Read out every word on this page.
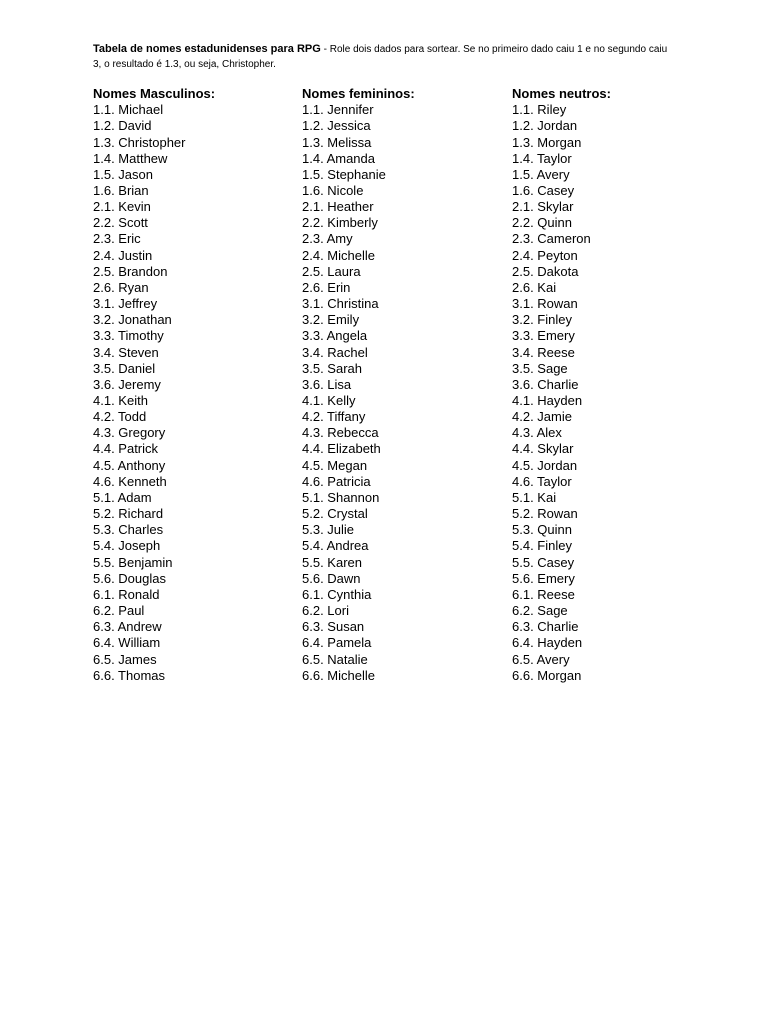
Tabela de nomes estadunidenses para RPG - Role dois dados para sortear. Se no primeiro dado caiu 1 e no segundo caiu 3, o resultado é 1.3, ou seja, Christopher.

Nomes Masculinos:

1.1. Michael
1.2. David
1.3. Christopher
1.4. Matthew
1.5. Jason
1.6. Brian
2.1. Kevin
2.2. Scott
2.3. Eric
2.4. Justin
2.5. Brandon
2.6. Ryan
3.1. Jeffrey
3.2. Jonathan
3.3. Timothy
3.4. Steven
3.5. Daniel
3.6. Jeremy
4.1. Keith
4.2. Todd
4.3. Gregory
4.4. Patrick
4.5. Anthony
4.6. Kenneth
5.1. Adam
5.2. Richard
5.3. Charles
5.4. Joseph
5.5. Benjamin
5.6. Douglas
6.1. Ronald
6.2. Paul
6.3. Andrew
6.4. William
6.5. James
6.6. Thomas

Nomes femininos:

1.1. Jennifer
1.2. Jessica
1.3. Melissa
1.4. Amanda
1.5. Stephanie
1.6. Nicole
2.1. Heather
2.2. Kimberly
2.3. Amy
2.4. Michelle
2.5. Laura
2.6. Erin
3.1. Christina
3.2. Emily
3.3. Angela
3.4. Rachel
3.5. Sarah
3.6. Lisa
4.1. Kelly
4.2. Tiffany
4.3. Rebecca
4.4. Elizabeth
4.5. Megan
4.6. Patricia
5.1. Shannon
5.2. Crystal
5.3. Julie
5.4. Andrea
5.5. Karen
5.6. Dawn
6.1. Cynthia
6.2. Lori
6.3. Susan
6.4. Pamela
6.5. Natalie
6.6. Michelle

Nomes neutros:

1.1. Riley
1.2. Jordan
1.3. Morgan
1.4. Taylor
1.5. Avery
1.6. Casey
2.1. Skylar
2.2. Quinn
2.3. Cameron
2.4. Peyton
2.5. Dakota
2.6. Kai
3.1. Rowan
3.2. Finley
3.3. Emery
3.4. Reese
3.5. Sage
3.6. Charlie
4.1. Hayden
4.2. Jamie
4.3. Alex
4.4. Skylar
4.5. Jordan
4.6. Taylor
5.1. Kai
5.2. Rowan
5.3. Quinn
5.4. Finley
5.5. Casey
5.6. Emery
6.1. Reese
6.2. Sage
6.3. Charlie
6.4. Hayden
6.5. Avery
6.6. Morgan
